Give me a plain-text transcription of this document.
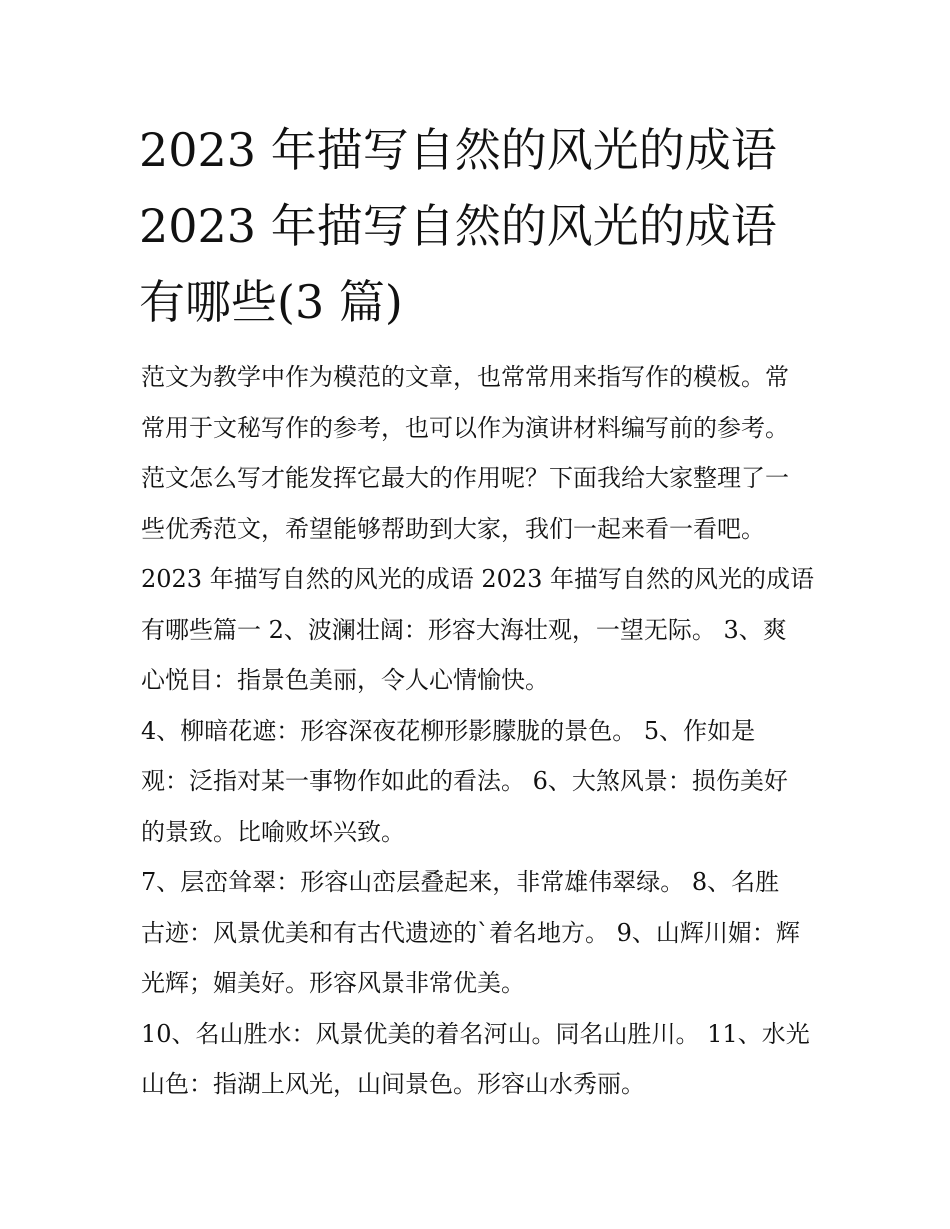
2023 年描写自然的风光的成语
2023 年描写自然的风光的成语
有哪些(3 篇)

范文为教学中作为模范的文章，也常常用来指写作的模板。常
常用于文秘写作的参考，也可以作为演讲材料编写前的参考。
范文怎么写才能发挥它最大的作用呢？下面我给大家整理了一
些优秀范文，希望能够帮助到大家，我们一起来看一看吧。

2023 年描写自然的风光的成语 2023 年描写自然的风光的成语
有哪些篇一 2、波澜壮阔：形容大海壮观，一望无际。 3、爽
心悦目：指景色美丽，令人心情愉快。

4、柳暗花遮：形容深夜花柳形影朦胧的景色。 5、作如是
观：泛指对某一事物作如此的看法。 6、大煞风景：损伤美好
的景致。比喻败坏兴致。

7、层峦耸翠：形容山峦层叠起来，非常雄伟翠绿。 8、名胜
古迹：风景优美和有古代遗迹的`着名地方。 9、山辉川媚：辉
光辉；媚美好。形容风景非常优美。

10、名山胜水：风景优美的着名河山。同名山胜川。 11、水光
山色：指湖上风光，山间景色。形容山水秀丽。
